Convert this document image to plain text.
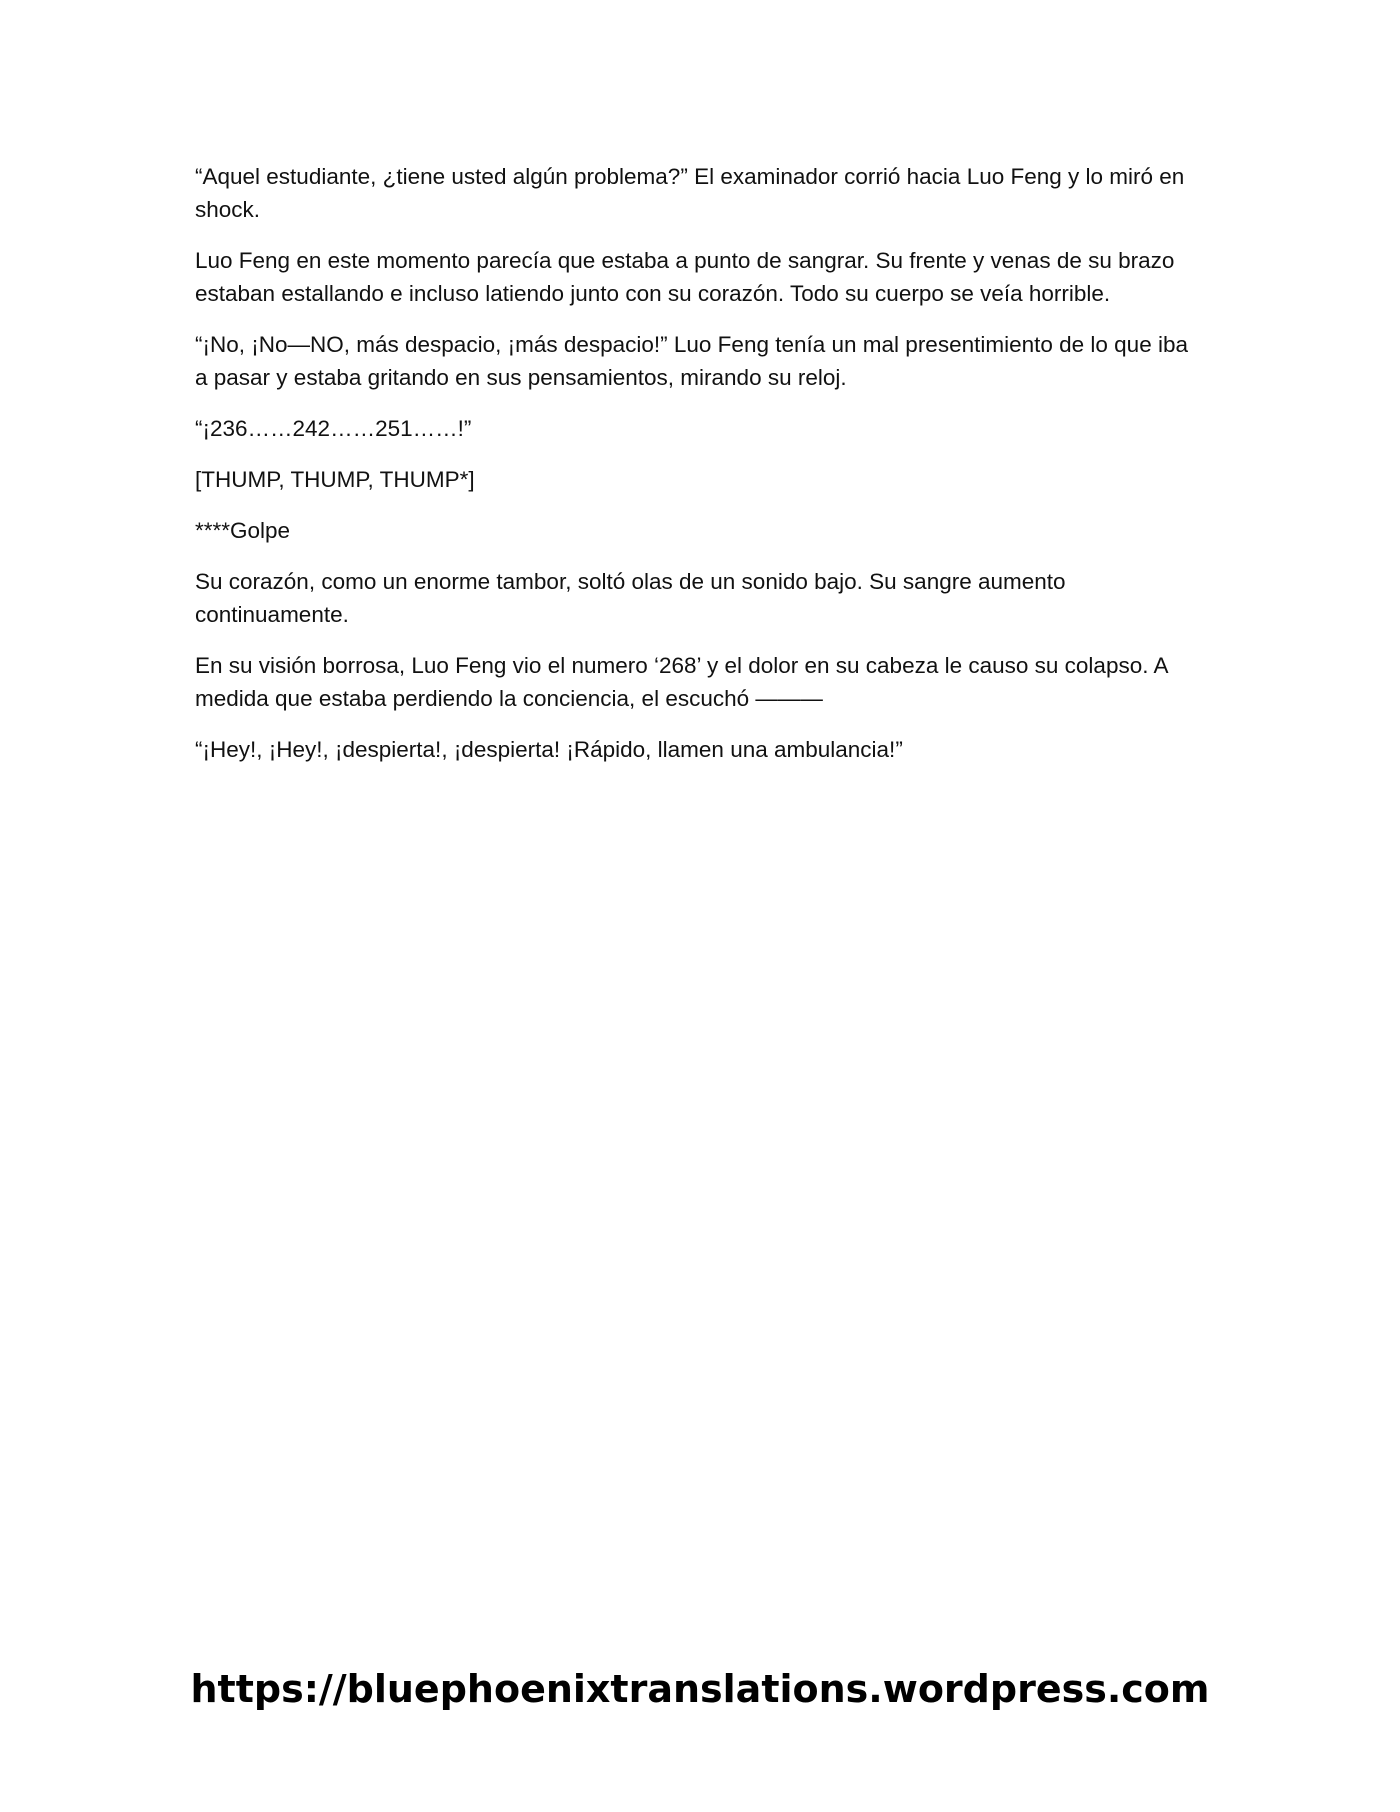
“Aquel estudiante, ¿tiene usted algún problema?” El examinador corrió hacia Luo Feng y lo miró en shock.

Luo Feng en este momento parecía que estaba a punto de sangrar. Su frente y venas de su brazo estaban estallando e incluso latiendo junto con su corazón. Todo su cuerpo se veía horrible.

“¡No, ¡No—NO, más despacio, ¡más despacio!” Luo Feng tenía un mal presentimiento de lo que iba a pasar y estaba gritando en sus pensamientos, mirando su reloj.

“¡236……242……251……!”

[THUMP, THUMP, THUMP*]

****Golpe

Su corazón, como un enorme tambor, soltó olas de un sonido bajo. Su sangre aumento continuamente.

En su visión borrosa, Luo Feng vio el numero ‘268’ y el dolor en su cabeza le causo su colapso. A medida que estaba perdiendo la conciencia, el escuchó ———

“¡Hey!, ¡Hey!, ¡despierta!, ¡despierta! ¡Rápido, llamen una ambulancia!”

https://bluephoenixtranslations.wordpress.com
